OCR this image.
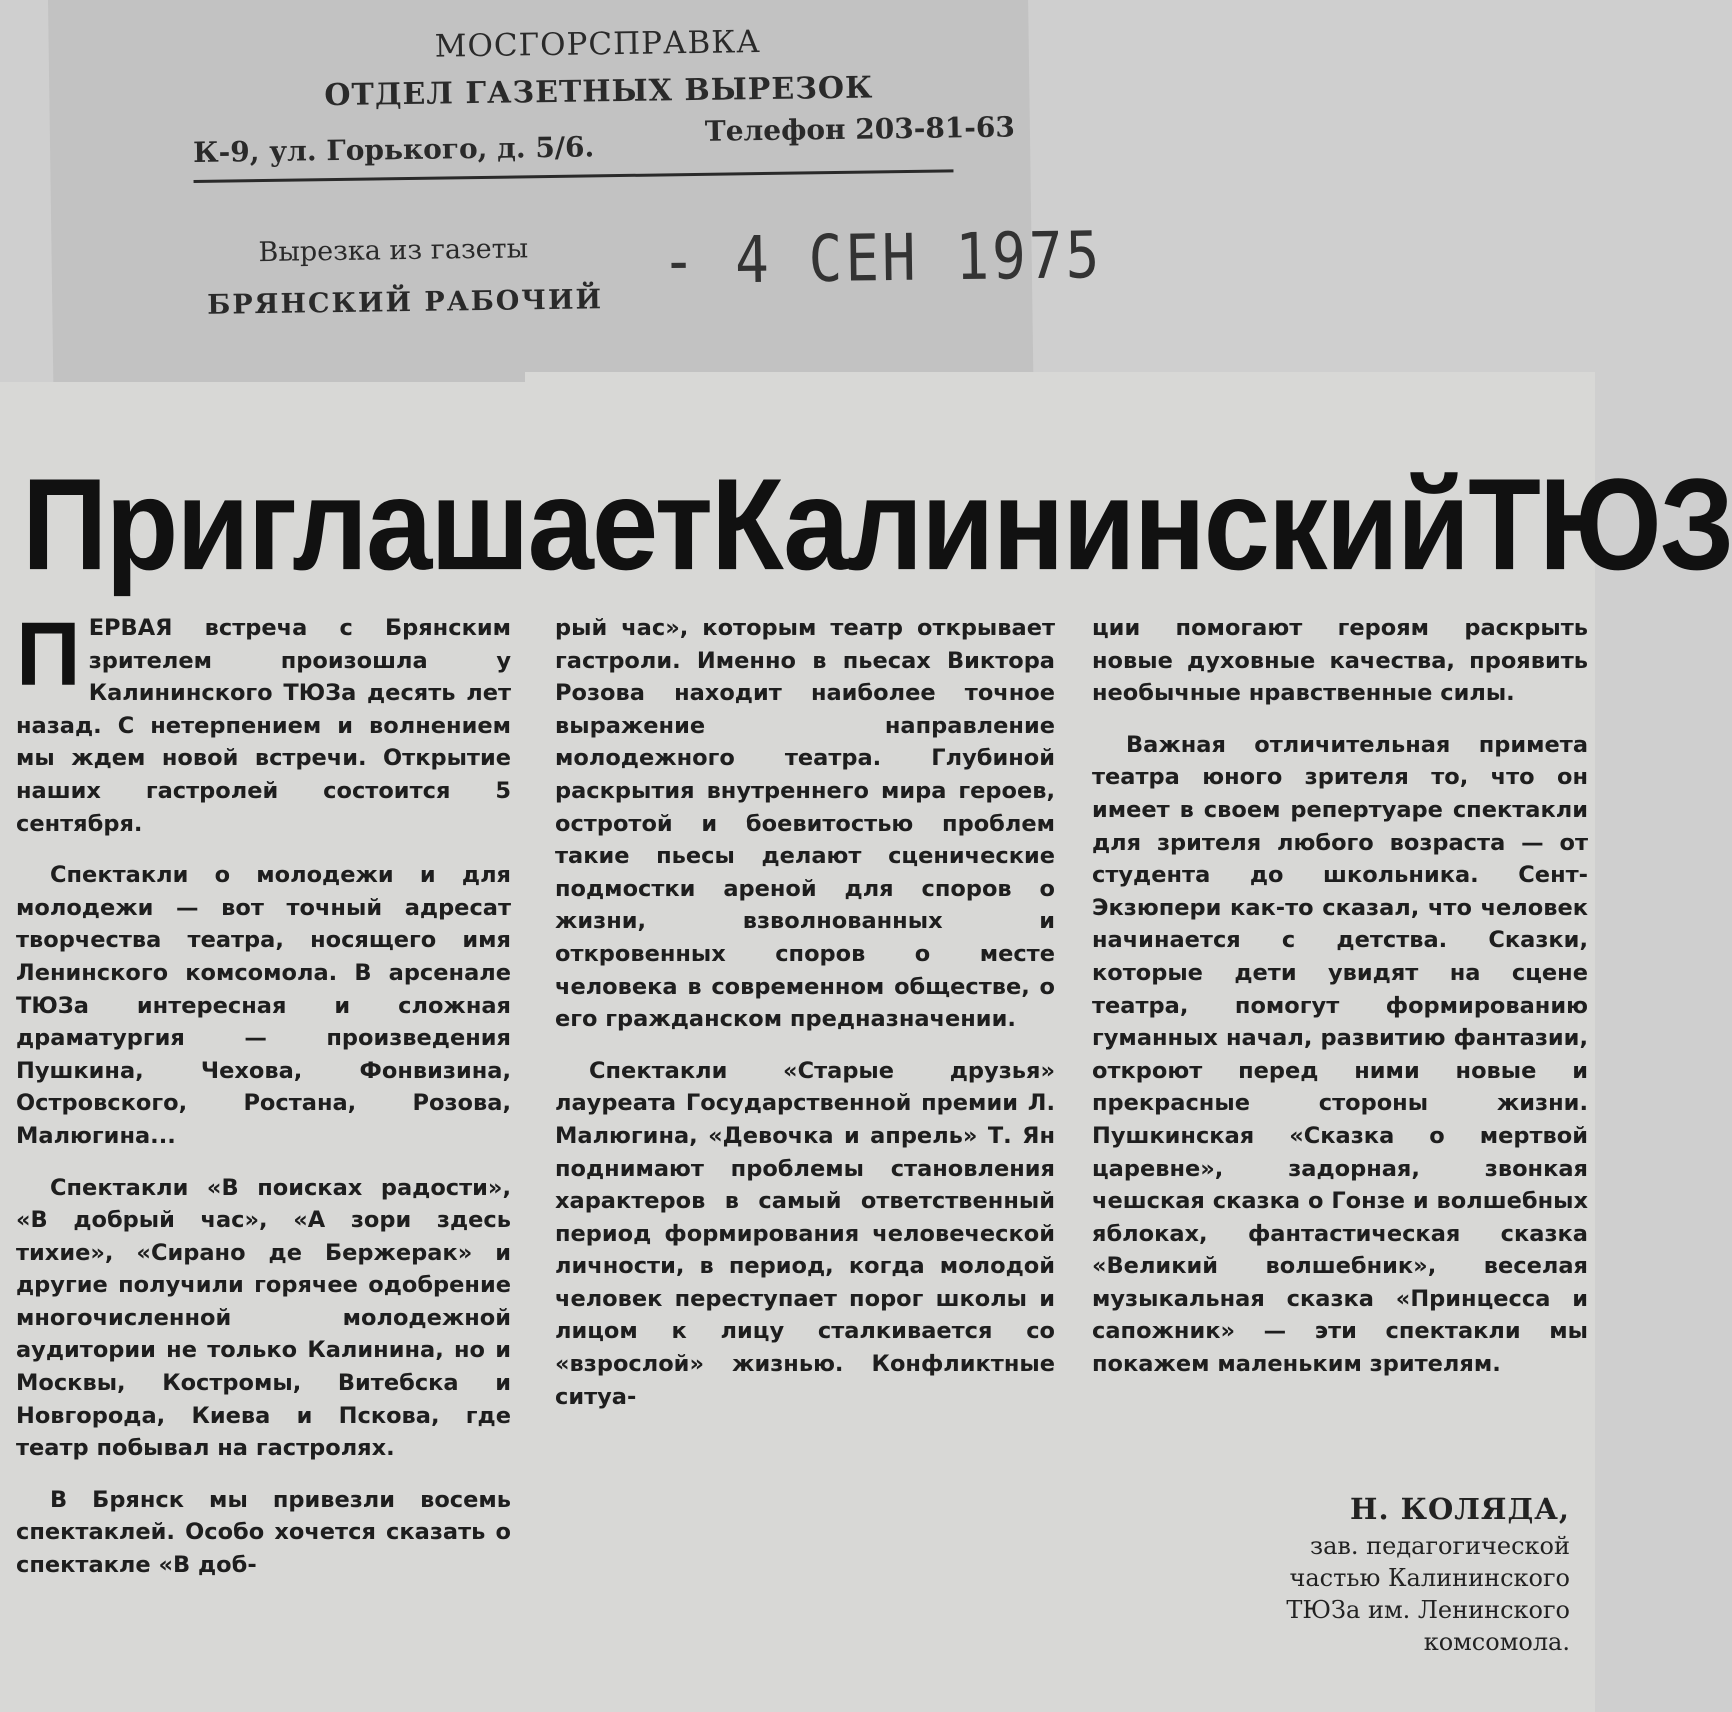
МОСГОРСПРАВКА
ОТДЕЛ ГАЗЕТНЫХ ВЫРЕЗОК
К-9, ул. Горького, д. 5/6.
Телефон 203-81-63
Вырезка из газеты
БРЯНСКИЙ РАБОЧИЙ
- 4 СЕН 1975
Приглашает Калининский ТЮЗ

ПЕРВАЯ встреча с Брянским зрителем произошла у Калининского ТЮЗа десять лет назад. С нетерпением и волнением мы ждем новой встречи. Открытие наших гастролей состоится 5 сентября.

Спектакли о молодежи и для молодежи — вот точный адресат творчества театра, носящего имя Ленинского комсомола. В арсенале ТЮЗа интересная и сложная драматургия — произведения Пушкина, Чехова, Фонвизина, Островского, Ростана, Розова, Малюгина...

Спектакли «В поисках радости», «В добрый час», «А зори здесь тихие», «Сирано де Бержерак» и другие получили горячее одобрение многочисленной молодежной аудитории не только Калинина, но и Москвы, Костромы, Витебска и Новгорода, Киева и Пскова, где театр побывал на гастролях.

В Брянск мы привезли восемь спектаклей. Особо хочется сказать о спектакле «В доб-

рый час», которым театр открывает гастроли. Именно в пьесах Виктора Розова находит наиболее точное выражение направление молодежного театра. Глубиной раскрытия внутреннего мира героев, остротой и боевитостью проблем такие пьесы делают сценические подмостки ареной для споров о жизни, взволнованных и откровенных споров о месте человека в современном обществе, о его гражданском предназначении.

Спектакли «Старые друзья» лауреата Государственной премии Л. Малюгина, «Девочка и апрель» Т. Ян поднимают проблемы становления характеров в самый ответственный период формирования человеческой личности, в период, когда молодой человек переступает порог школы и лицом к лицу сталкивается со «взрослой» жизнью. Конфликтные ситуа-

ции помогают героям раскрыть новые духовные качества, проявить необычные нравственные силы.

Важная отличительная примета театра юного зрителя то, что он имеет в своем репертуаре спектакли для зрителя любого возраста — от студента до школьника. Сент-Экзюпери как-то сказал, что человек начинается с детства. Сказки, которые дети увидят на сцене театра, помогут формированию гуманных начал, развитию фантазии, откроют перед ними новые и прекрасные стороны жизни. Пушкинская «Сказка о мертвой царевне», задорная, звонкая чешская сказка о Гонзе и волшебных яблоках, фантастическая сказка «Великий волшебник», веселая музыкальная сказка «Принцесса и сапожник» — эти спектакли мы покажем маленьким зрителям.

Н. КОЛЯДА,
зав. педагогической
частью Калининского
ТЮЗа им. Ленинского
комсомола.
